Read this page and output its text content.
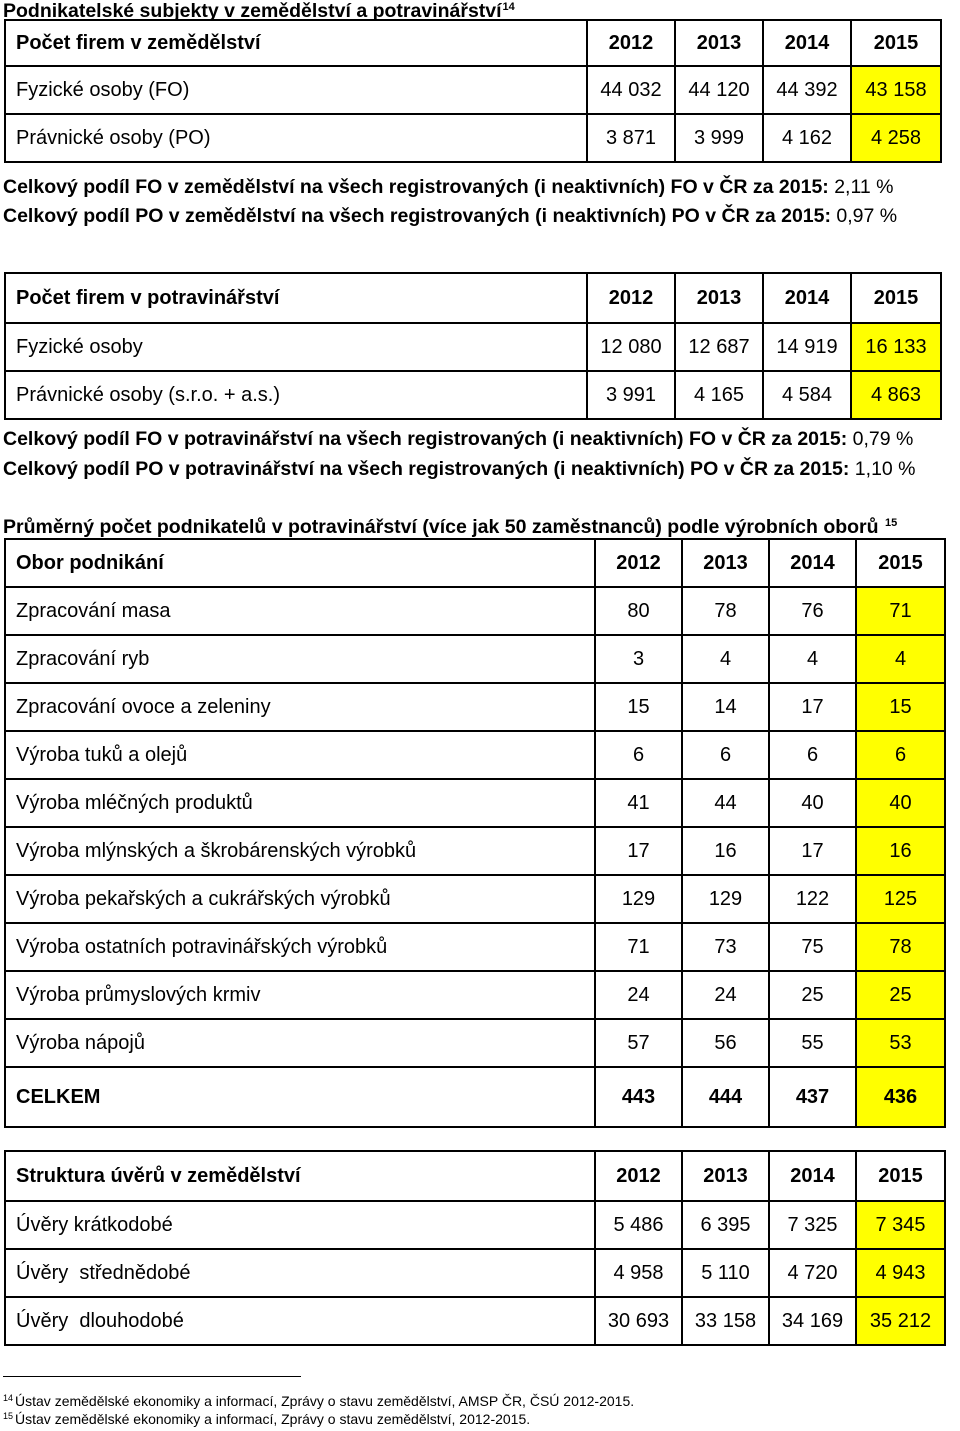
Podnikatelské subjekty v zemědělství a potravinářství$^{14}$
Počet firem v zemědělství	2012	2013	2014	2015
Fyzické osoby (FO)	44 032	44 120	44 392	43 158
Právnické osoby (PO)	3 871	3 999	4 162	4 258
Celkový podíl FO v zemědělství na všech registrovaných (i neaktivních) FO v ČR za 2015: 2,11 %
Celkový podíl PO v zemědělství na všech registrovaných (i neaktivních) PO v ČR za 2015: 0,97 %
Počet firem v potravinářství	2012	2013	2014	2015
Fyzické osoby	12 080	12 687	14 919	16 133
Právnické osoby (s.r.o. + a.s.)	3 991	4 165	4 584	4 863
Celkový podíl FO v potravinářství na všech registrovaných (i neaktivních) FO v ČR za 2015: 0,79 %
Celkový podíl PO v potravinářství na všech registrovaných (i neaktivních) PO v ČR za 2015: 1,10 %
Průměrný počet podnikatelů v potravinářství (více jak 50 zaměstnanců) podle výrobních oborů $^{15}$
Obor podnikání	2012	2013	2014	2015
Zpracování masa	80	78	76	71
Zpracování ryb	3	4	4	4
Zpracování ovoce a zeleniny	15	14	17	15
Výroba tuků a olejů	6	6	6	6
Výroba mléčných produktů	41	44	40	40
Výroba mlýnských a škrobárenských výrobků	17	16	17	16
Výroba pekařských a cukrářských výrobků	129	129	122	125
Výroba ostatních potravinářských výrobků	71	73	75	78
Výroba průmyslových krmiv	24	24	25	25
Výroba nápojů	57	56	55	53
CELKEM	443	444	437	436
Struktura úvěrů v zemědělství	2012	2013	2014	2015
Úvěry krátkodobé	5 486	6 395	7 325	7 345
Úvěry  střednědobé	4 958	5 110	4 720	4 943
Úvěry  dlouhodobé	30 693	33 158	34 169	35 212
$^{14}$ Ústav zemědělské ekonomiky a informací, Zprávy o stavu zemědělství, AMSP ČR, ČSÚ 2012-2015.
$^{15}$ Ústav zemědělské ekonomiky a informací, Zprávy o stavu zemědělství, 2012-2015.
